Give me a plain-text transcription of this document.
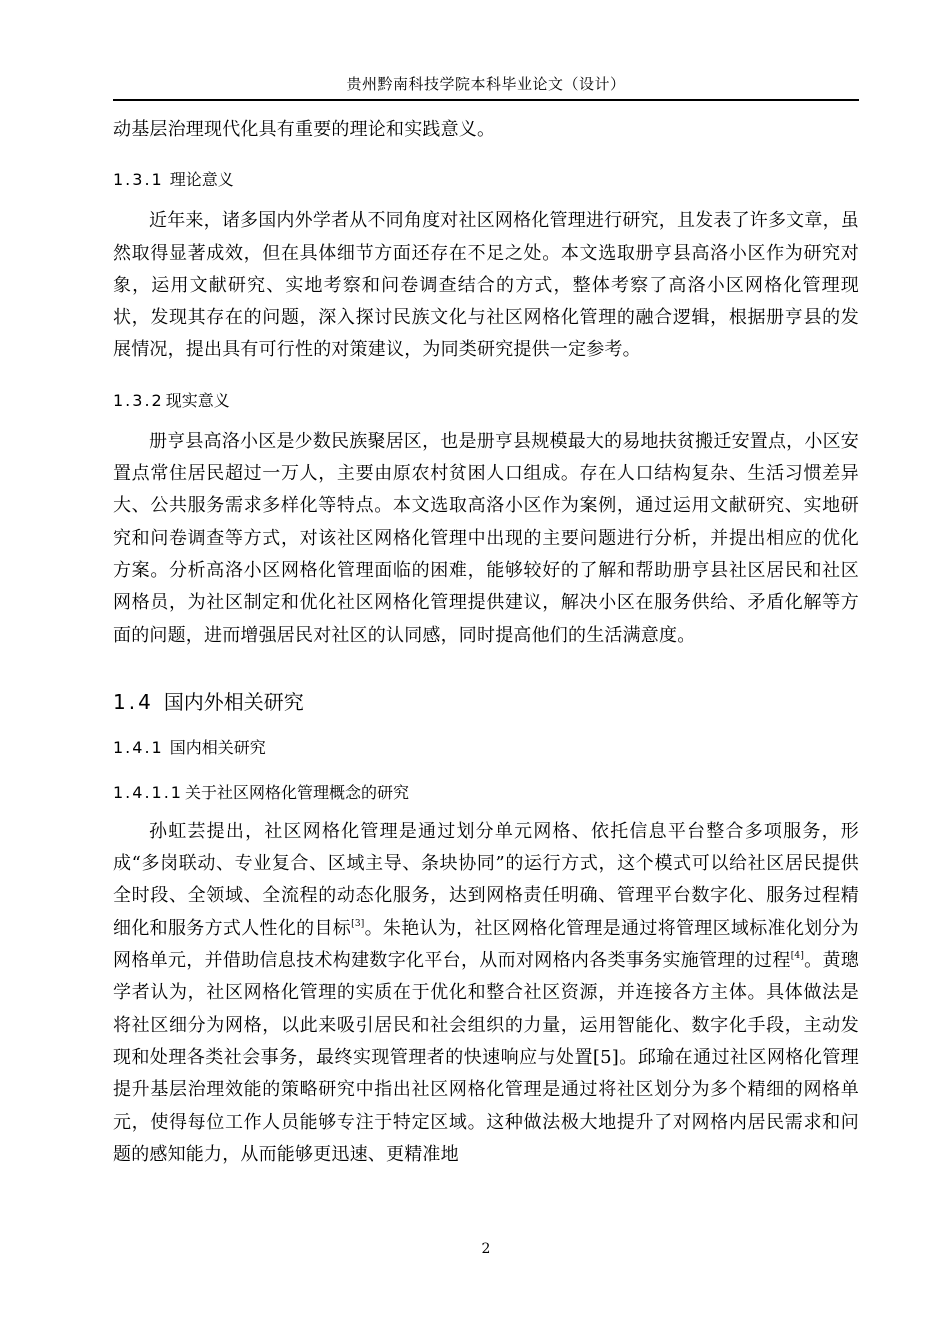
贵州黔南科技学院本科毕业论文（设计）

动基层治理现代化具有重要的理论和实践意义。

1.3.1 理论意义

近年来，诸多国内外学者从不同角度对社区网格化管理进行研究，且发表了许多文章，虽然取得显著成效，但在具体细节方面还存在不足之处。本文选取册亨县高洛小区作为研究对象，运用文献研究、实地考察和问卷调查结合的方式，整体考察了高洛小区网格化管理现状，发现其存在的问题，深入探讨民族文化与社区网格化管理的融合逻辑，根据册亨县的发展情况，提出具有可行性的对策建议，为同类研究提供一定参考。

1.3.2 现实意义

册亨县高洛小区是少数民族聚居区，也是册亨县规模最大的易地扶贫搬迁安置点，小区安置点常住居民超过一万人，主要由原农村贫困人口组成。存在人口结构复杂、生活习惯差异大、公共服务需求多样化等特点。本文选取高洛小区作为案例，通过运用文献研究、实地研究和问卷调查等方式，对该社区网格化管理中出现的主要问题进行分析，并提出相应的优化方案。分析高洛小区网格化管理面临的困难，能够较好的了解和帮助册亨县社区居民和社区网格员，为社区制定和优化社区网格化管理提供建议，解决小区在服务供给、矛盾化解等方面的问题，进而增强居民对社区的认同感，同时提高他们的生活满意度。

1.4 国内外相关研究
1.4.1 国内相关研究
1.4.1.1 关于社区网格化管理概念的研究

孙虹芸提出，社区网格化管理是通过划分单元网格、依托信息平台整合多项服务，形成“多岗联动、专业复合、区域主导、条块协同”的运行方式，这个模式可以给社区居民提供全时段、全领域、全流程的动态化服务，达到网格责任明确、管理平台数字化、服务过程精细化和服务方式人性化的目标[3]。朱艳认为，社区网格化管理是通过将管理区域标准化划分为网格单元，并借助信息技术构建数字化平台，从而对网格内各类事务实施管理的过程[4]。黄璁学者认为，社区网格化管理的实质在于优化和整合社区资源，并连接各方主体。具体做法是将社区细分为网格，以此来吸引居民和社会组织的力量，运用智能化、数字化手段，主动发现和处理各类社会事务，最终实现管理者的快速响应与处置[5]。邱瑜在通过社区网格化管理提升基层治理效能的策略研究中指出社区网格化管理是通过将社区划分为多个精细的网格单元，使得每位工作人员能够专注于特定区域。这种做法极大地提升了对网格内居民需求和问题的感知能力，从而能够更迅速、更精准地

2
